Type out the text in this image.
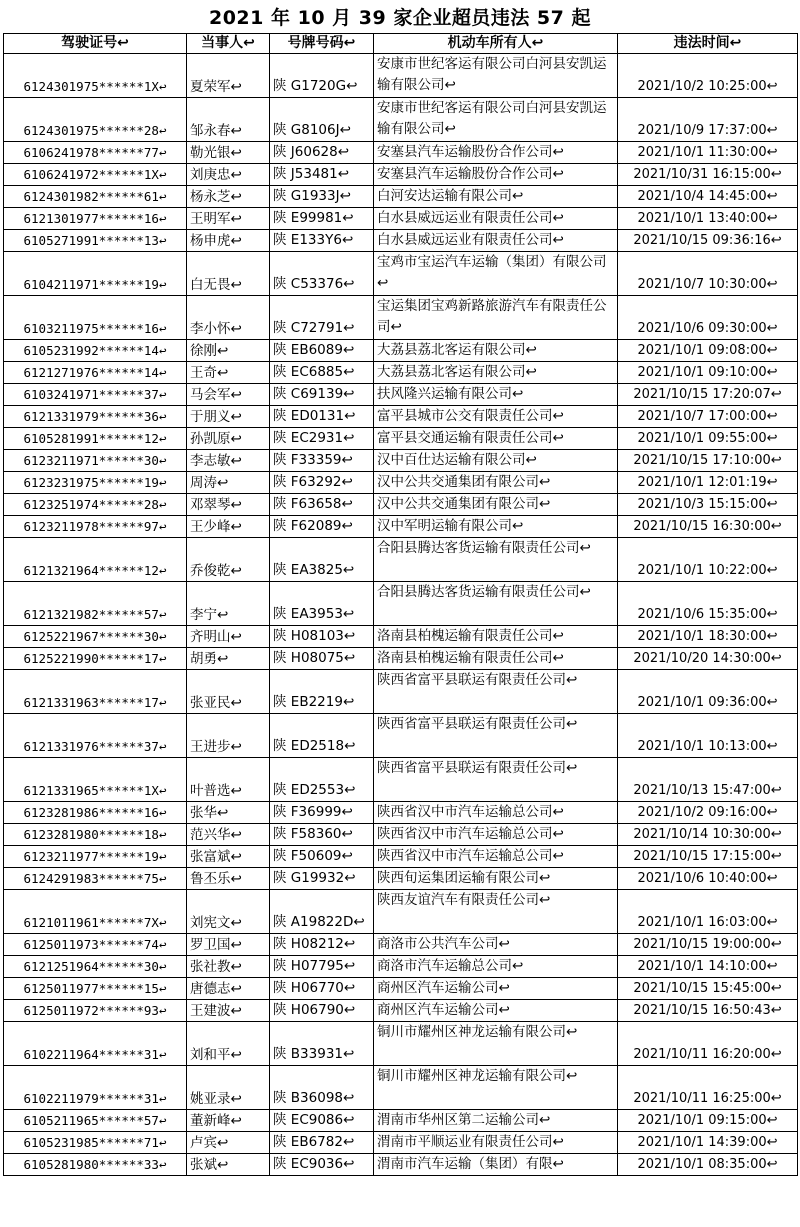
2021 年 10 月 39 家企业超员违法 57 起
驾驶证号↩	当事人↩	号牌号码↩	机动车所有人↩	违法时间↩
6124301975******1X↩	夏荣军↩	陕 G1720G↩	安康市世纪客运有限公司白河县安凯运输有限公司↩	2021/10/2 10:25:00↩
6124301975******28↩	邹永春↩	陕 G8106J↩	安康市世纪客运有限公司白河县安凯运输有限公司↩	2021/10/9 17:37:00↩
6106241978******77↩	勒光银↩	陕 J60628↩	安塞县汽车运输股份合作公司↩	2021/10/1 11:30:00↩
6106241972******1X↩	刘庚忠↩	陕 J53481↩	安塞县汽车运输股份合作公司↩	2021/10/31 16:15:00↩
6124301982******61↩	杨永芝↩	陕 G1933J↩	白河安达运输有限公司↩	2021/10/4 14:45:00↩
6121301977******16↩	王明军↩	陕 E99981↩	白水县威远运业有限责任公司↩	2021/10/1 13:40:00↩
6105271991******13↩	杨申虎↩	陕 E133Y6↩	白水县威远运业有限责任公司↩	2021/10/15 09:36:16↩
6104211971******19↩	白无畏↩	陕 C53376↩	宝鸡市宝运汽车运输（集团）有限公司↩	2021/10/7 10:30:00↩
6103211975******16↩	李小怀↩	陕 C72791↩	宝运集团宝鸡新路旅游汽车有限责任公司↩	2021/10/6 09:30:00↩
6105231992******14↩	徐刚↩	陕 EB6089↩	大荔县荔北客运有限公司↩	2021/10/1 09:08:00↩
6121271976******14↩	王奇↩	陕 EC6885↩	大荔县荔北客运有限公司↩	2021/10/1 09:10:00↩
6103241971******37↩	马会军↩	陕 C69139↩	扶风隆兴运输有限公司↩	2021/10/15 17:20:07↩
6121331979******36↩	于朋义↩	陕 ED0131↩	富平县城市公交有限责任公司↩	2021/10/7 17:00:00↩
6105281991******12↩	孙凯原↩	陕 EC2931↩	富平县交通运输有限责任公司↩	2021/10/1 09:55:00↩
6123211971******30↩	李志敏↩	陕 F33359↩	汉中百仕达运输有限公司↩	2021/10/15 17:10:00↩
6123231975******19↩	周涛↩	陕 F63292↩	汉中公共交通集团有限公司↩	2021/10/1 12:01:19↩
6123251974******28↩	邓翠琴↩	陕 F63658↩	汉中公共交通集团有限公司↩	2021/10/3 15:15:00↩
6123211978******97↩	王少峰↩	陕 F62089↩	汉中军明运输有限公司↩	2021/10/15 16:30:00↩
6121321964******12↩	乔俊乾↩	陕 EA3825↩	合阳县腾达客货运输有限责任公司↩	2021/10/1 10:22:00↩
6121321982******57↩	李宁↩	陕 EA3953↩	合阳县腾达客货运输有限责任公司↩	2021/10/6 15:35:00↩
6125221967******30↩	齐明山↩	陕 H08103↩	洛南县柏槐运输有限责任公司↩	2021/10/1 18:30:00↩
6125221990******17↩	胡勇↩	陕 H08075↩	洛南县柏槐运输有限责任公司↩	2021/10/20 14:30:00↩
6121331963******17↩	张亚民↩	陕 EB2219↩	陕西省富平县联运有限责任公司↩	2021/10/1 09:36:00↩
6121331976******37↩	王进步↩	陕 ED2518↩	陕西省富平县联运有限责任公司↩	2021/10/1 10:13:00↩
6121331965******1X↩	叶普选↩	陕 ED2553↩	陕西省富平县联运有限责任公司↩	2021/10/13 15:47:00↩
6123281986******16↩	张华↩	陕 F36999↩	陕西省汉中市汽车运输总公司↩	2021/10/2 09:16:00↩
6123281980******18↩	范兴华↩	陕 F58360↩	陕西省汉中市汽车运输总公司↩	2021/10/14 10:30:00↩
6123211977******19↩	张富斌↩	陕 F50609↩	陕西省汉中市汽车运输总公司↩	2021/10/15 17:15:00↩
6124291983******75↩	鲁丕乐↩	陕 G19932↩	陕西旬运集团运输有限公司↩	2021/10/6 10:40:00↩
6121011961******7X↩	刘宪文↩	陕 A19822D↩	陕西友谊汽车有限责任公司↩	2021/10/1 16:03:00↩
6125011973******74↩	罗卫国↩	陕 H08212↩	商洛市公共汽车公司↩	2021/10/15 19:00:00↩
6121251964******30↩	张社教↩	陕 H07795↩	商洛市汽车运输总公司↩	2021/10/1 14:10:00↩
6125011977******15↩	唐德志↩	陕 H06770↩	商州区汽车运输公司↩	2021/10/15 15:45:00↩
6125011972******93↩	王建波↩	陕 H06790↩	商州区汽车运输公司↩	2021/10/15 16:50:43↩
6102211964******31↩	刘和平↩	陕 B33931↩	铜川市耀州区神龙运输有限公司↩	2021/10/11 16:20:00↩
6102211979******31↩	姚亚录↩	陕 B36098↩	铜川市耀州区神龙运输有限公司↩	2021/10/11 16:25:00↩
6105211965******57↩	董新峰↩	陕 EC9086↩	渭南市华州区第二运输公司↩	2021/10/1 09:15:00↩
6105231985******71↩	卢宾↩	陕 EB6782↩	渭南市平顺运业有限责任公司↩	2021/10/1 14:39:00↩
6105281980******33↩	张斌↩	陕 EC9036↩	渭南市汽车运输（集团）有限↩	2021/10/1 08:35:00↩
